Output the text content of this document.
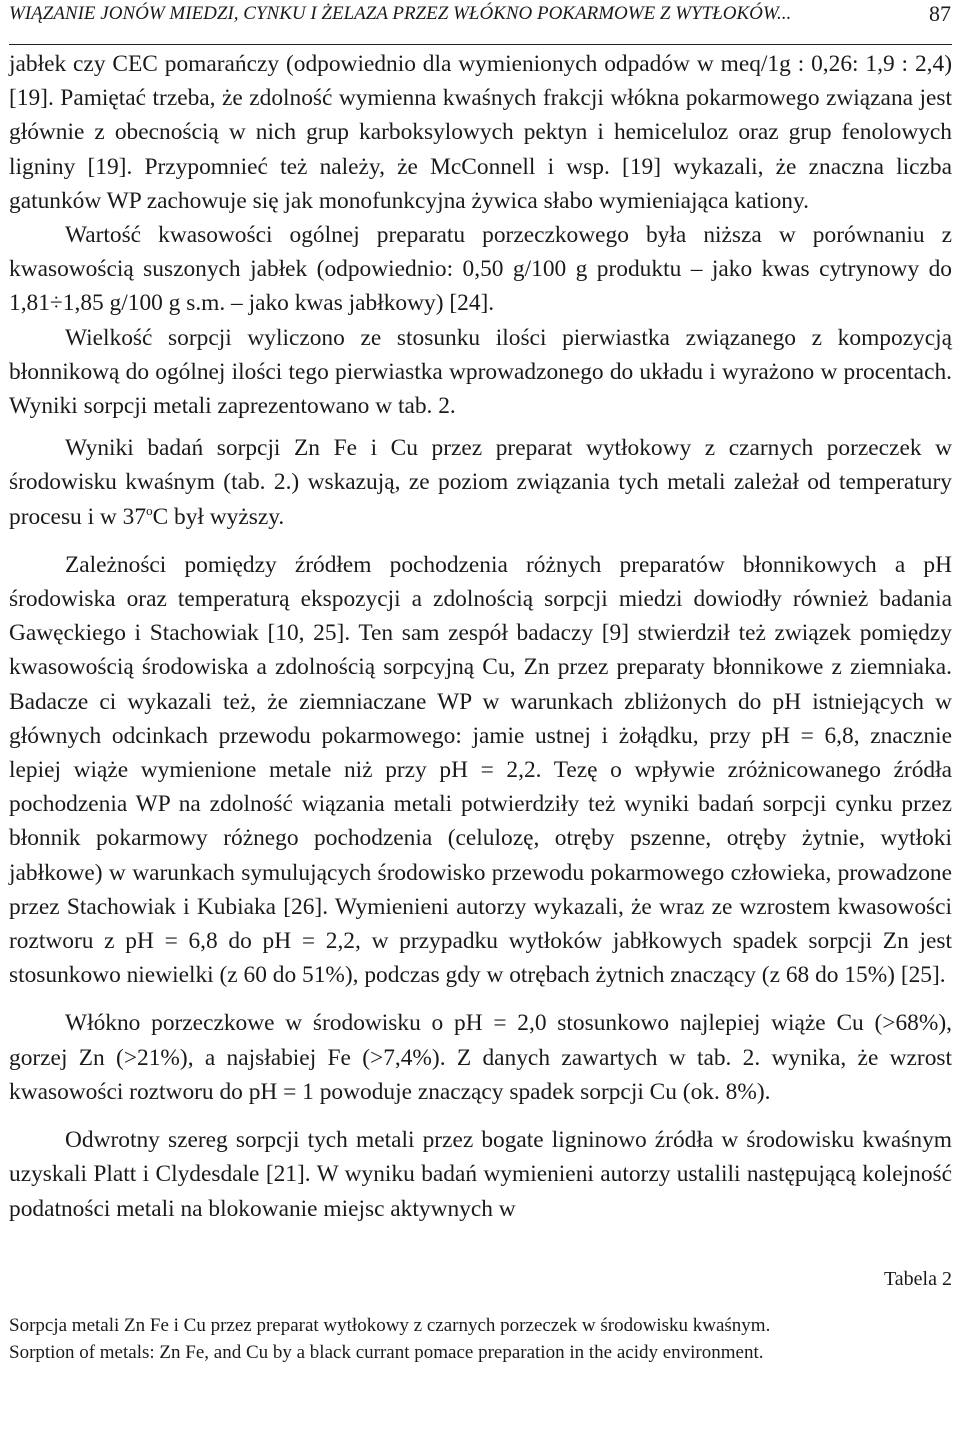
WIĄZANIE JONÓW MIEDZI, CYNKU I ŻELAZA PRZEZ WŁÓKNO POKARMOWE Z WYTŁOKÓW...	87

jabłek czy CEC pomarańczy (odpowiednio dla wymienionych odpadów w meq/1g : 0,26: 1,9 : 2,4) [19]. Pamiętać trzeba, że zdolność wymienna kwaśnych frakcji włókna pokarmowego związana jest głównie z obecnością w nich grup karboksylowych pektyn i hemiceluloz oraz grup fenolowych ligniny [19]. Przypomnieć też należy, że McConnell i wsp. [19] wykazali, że znaczna liczba gatunków WP zachowuje się jak monofunkcyjna żywica słabo wymieniająca kationy.

Wartość kwasowości ogólnej preparatu porzeczkowego była niższa w porównaniu z kwasowością suszonych jabłek (odpowiednio: 0,50 g/100 g produktu – jako kwas cytrynowy do 1,81÷1,85 g/100 g s.m. – jako kwas jabłkowy) [24].

Wielkość sorpcji wyliczono ze stosunku ilości pierwiastka związanego z kompozycją błonnikową do ogólnej ilości tego pierwiastka wprowadzonego do układu i wyrażono w procentach. Wyniki sorpcji metali zaprezentowano w tab. 2.

Wyniki badań sorpcji Zn Fe i Cu przez preparat wytłokowy z czarnych porzeczek w środowisku kwaśnym (tab. 2.) wskazują, ze poziom związania tych metali zależał od temperatury procesu i w 37$^o$C był wyższy.

Zależności pomiędzy źródłem pochodzenia różnych preparatów błonnikowych a pH środowiska oraz temperaturą ekspozycji a zdolnością sorpcji miedzi dowiodły również badania Gawęckiego i Stachowiak [10, 25]. Ten sam zespół badaczy [9] stwierdził też związek pomiędzy kwasowością środowiska a zdolnością sorpcyjną Cu, Zn przez preparaty błonnikowe z ziemniaka. Badacze ci wykazali też, że ziemniaczane WP w warunkach zbliżonych do pH istniejących w głównych odcinkach przewodu pokarmowego: jamie ustnej i żołądku, przy pH = 6,8, znacznie lepiej wiąże wymienione metale niż przy pH = 2,2. Tezę o wpływie zróżnicowanego źródła pochodzenia WP na zdolność wiązania metali potwierdziły też wyniki badań sorpcji cynku przez błonnik pokarmowy różnego pochodzenia (celulozę, otręby pszenne, otręby żytnie, wytłoki jabłkowe) w warunkach symulujących środowisko przewodu pokarmowego człowieka, prowadzone przez Stachowiak i Kubiaka [26]. Wymienieni autorzy wykazali, że wraz ze wzrostem kwasowości roztworu z pH = 6,8 do pH = 2,2, w przypadku wytłoków jabłkowych spadek sorpcji Zn jest stosunkowo niewielki (z 60 do 51%), podczas gdy w otrębach żytnich znaczący (z 68 do 15%) [25].

Włókno porzeczkowe w środowisku o pH = 2,0 stosunkowo najlepiej wiąże Cu (>68%), gorzej Zn (>21%), a najsłabiej Fe (>7,4%). Z danych zawartych w tab. 2. wynika, że wzrost kwasowości roztworu do pH = 1 powoduje znaczący spadek sorpcji Cu (ok. 8%).

Odwrotny szereg sorpcji tych metali przez bogate ligninowo źródła w środowisku kwaśnym uzyskali Platt i Clydesdale [21]. W wyniku badań wymienieni autorzy ustalili następującą kolejność podatności metali na blokowanie miejsc aktywnych w

Tabela 2
Sorpcja metali Zn Fe i Cu przez preparat wytłokowy z czarnych porzeczek w środowisku kwaśnym.
Sorption of metals: Zn Fe, and Cu by a black currant pomace preparation in the acidy environment.
